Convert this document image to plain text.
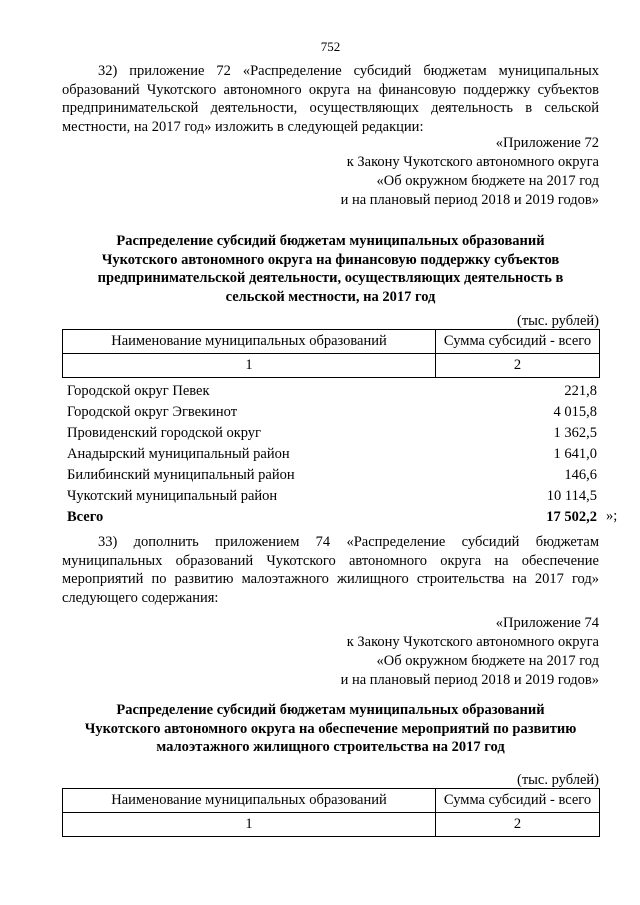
752
32) приложение 72 «Распределение субсидий бюджетам муниципальных образований Чукотского автономного округа на финансовую поддержку субъектов предпринимательской деятельности, осуществляющих деятельность в сельской местности, на 2017 год» изложить в следующей редакции:
«Приложение 72
к Закону Чукотского автономного округа
«Об окружном бюджете на 2017 год
и на плановый период 2018 и 2019 годов»
Распределение субсидий бюджетам муниципальных образований
Чукотского автономного округа на финансовую поддержку субъектов
предпринимательской деятельности, осуществляющих деятельность в
сельской местности, на 2017 год
(тыс. рублей)
Наименование муниципальных образований	Сумма субсидий - всего
1	2
Городской округ Певек	221,8
Городской округ Эгвекинот	4 015,8
Провиденский городской округ	1 362,5
Анадырский муниципальный район	1 641,0
Билибинский муниципальный район	146,6
Чукотский муниципальный район	10 114,5
Всего	17 502,2 »;
33) дополнить приложением 74 «Распределение субсидий бюджетам муниципальных образований Чукотского автономного округа на обеспечение мероприятий по развитию малоэтажного жилищного строительства на 2017 год» следующего содержания:
«Приложение 74
к Закону Чукотского автономного округа
«Об окружном бюджете на 2017 год
и на плановый период 2018 и 2019 годов»
Распределение субсидий бюджетам муниципальных образований
Чукотского автономного округа на обеспечение мероприятий по развитию
малоэтажного жилищного строительства на 2017 год
(тыс. рублей)
Наименование муниципальных образований	Сумма субсидий - всего
1	2
